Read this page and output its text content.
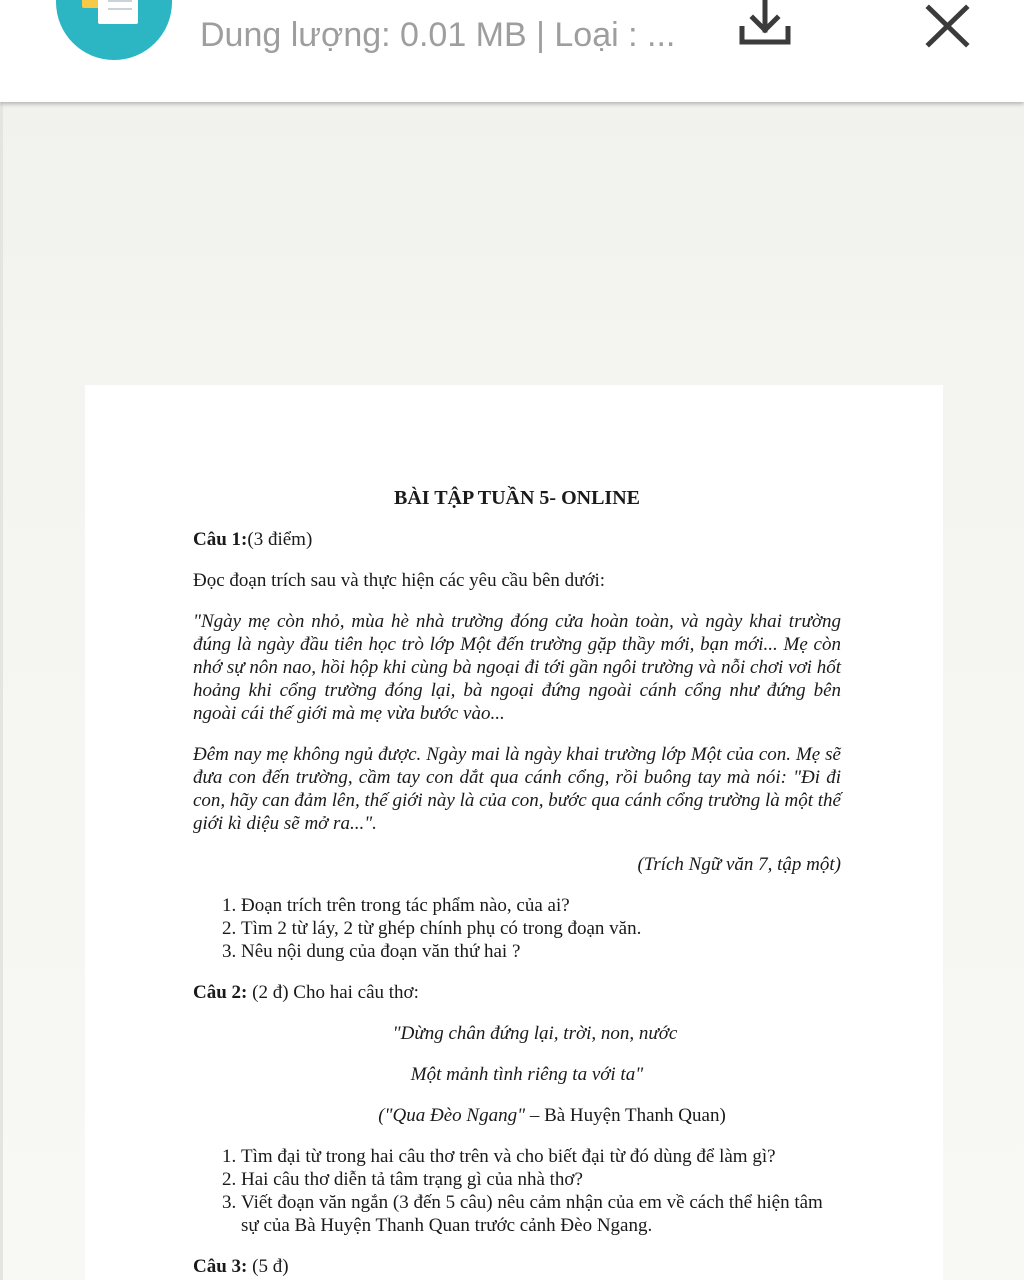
Dung lượng: 0.01 MB | Loại : ...
BÀI TẬP TUẦN 5- ONLINE
Câu 1:(3 điểm)
Đọc đoạn trích sau và thực hiện các yêu cầu bên dưới:
"Ngày mẹ còn nhỏ, mùa hè nhà trường đóng cửa hoàn toàn, và ngày khai trường đúng là ngày đầu tiên học trò lớp Một đến trường gặp thầy mới, bạn mới... Mẹ còn nhớ sự nôn nao, hồi hộp khi cùng bà ngoại đi tới gần ngôi trường và nỗi chơi vơi hốt hoảng khi cổng trường đóng lại, bà ngoại đứng ngoài cánh cổng như đứng bên ngoài cái thế giới mà mẹ vừa bước vào...
Đêm nay mẹ không ngủ được. Ngày mai là ngày khai trường lớp Một của con. Mẹ sẽ đưa con đến trường, cầm tay con dắt qua cánh cổng, rồi buông tay mà nói: "Đi đi con, hãy can đảm lên, thế giới này là của con, bước qua cánh cổng trường là một thế giới kì diệu sẽ mở ra...".
(Trích Ngữ văn 7, tập một)
1. Đoạn trích trên trong tác phẩm nào, của ai?
2. Tìm 2 từ láy, 2 từ ghép chính phụ có trong đoạn văn.
3. Nêu nội dung của đoạn văn thứ hai ?
Câu 2: (2 đ) Cho hai câu thơ:
"Dừng chân đứng lại, trời, non, nước
Một mảnh tình riêng ta với ta"
("Qua Đèo Ngang" – Bà Huyện Thanh Quan)
1. Tìm đại từ trong hai câu thơ trên và cho biết đại từ đó dùng để làm gì?
2. Hai câu thơ diễn tả tâm trạng gì của nhà thơ?
3. Viết đoạn văn ngắn (3 đến 5 câu) nêu cảm nhận của em về cách thể hiện tâm sự của Bà Huyện Thanh Quan trước cảnh Đèo Ngang.
Câu 3: (5 đ)
